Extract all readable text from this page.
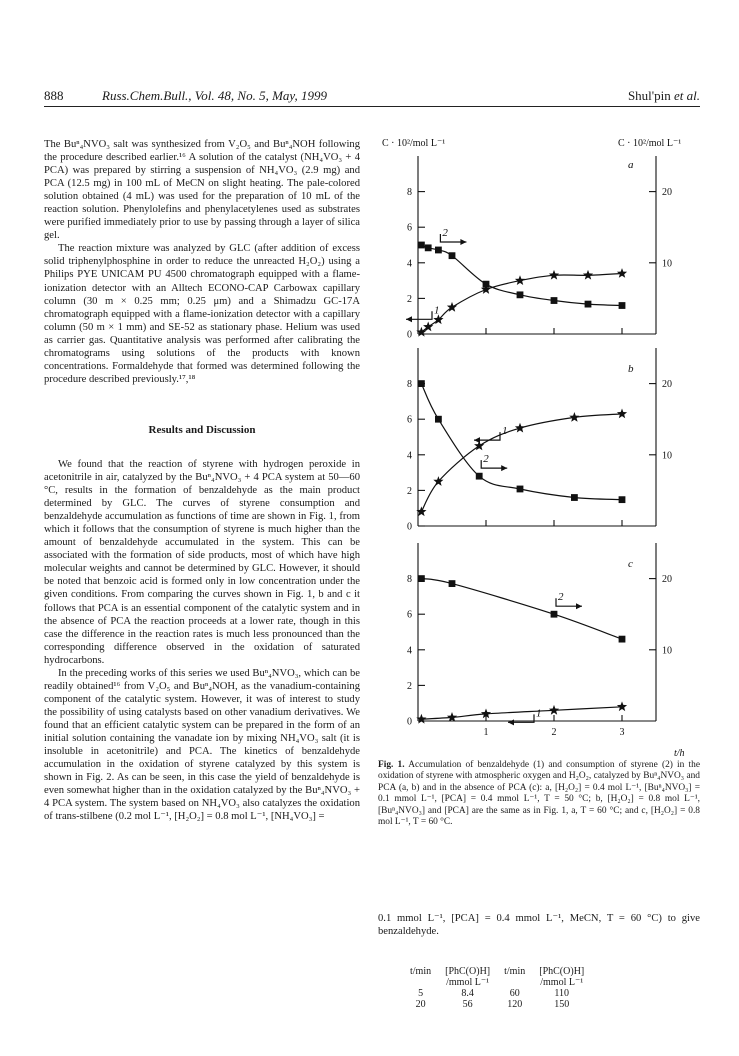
888	Russ.Chem.Bull., Vol. 48, No. 5, May, 1999	Shul'pin et al.

The Buⁿ₄NVO₃ salt was synthesized from V₂O₅ and Buⁿ₄NOH following the procedure described earlier.¹⁶ A solution of the catalyst (NH₄VO₃ + 4 PCA) was prepared by stirring a suspension of NH₄VO₃ (2.9 mg) and PCA (12.5 mg) in 100 mL of MeCN on slight heating. The pale-colored solution obtained (4 mL) was used for the preparation of 10 mL of the reaction solution. Phenylolefins and phenylacetylenes used as substrates were purified immediately prior to use by passing through a layer of silica gel.

The reaction mixture was analyzed by GLC (after addition of excess solid triphenylphosphine in order to reduce the unreacted H₂O₂) using a Philips PYE UNICAM PU 4500 chromatograph equipped with a flame-ionization detector with an Alltech ECONO-CAP Carbowax capillary column (30 m × 0.25 mm; 0.25 μm) and a Shimadzu GC-17A chromatograph equipped with a flame-ionization detector with a capillary column (50 m × 1 mm) and SE-52 as stationary phase. Helium was used as carrier gas. Quantitative analysis was performed after calibrating the chromatograms using solutions of the products with known concentrations. Formaldehyde that formed was determined following the procedure described previously.¹⁷,¹⁸

Results and Discussion

We found that the reaction of styrene with hydrogen peroxide in acetonitrile in air, catalyzed by the Buⁿ₄NVO₃ + 4 PCA system at 50—60 °C, results in the formation of benzaldehyde as the main product determined by GLC. The curves of styrene consumption and benzaldehyde accumulation as functions of time are shown in Fig. 1, from which it follows that the consumption of styrene is much higher than the amount of benzaldehyde accumulated in the system. This can be associated with the formation of side products, most of which have high molecular weights and cannot be determined by GLC. However, it should be noted that benzoic acid is formed only in low concentration under the given conditions. From comparing the curves shown in Fig. 1, b and c it follows that PCA is an essential component of the catalytic system and in the absence of PCA the reaction proceeds at a lower rate, though in this case the difference in the reaction rates is much less pronounced than the corresponding difference observed in the oxidation of saturated hydrocarbons.

In the preceding works of this series we used Buⁿ₄NVO₃, which can be readily obtained¹⁶ from V₂O₅ and Buⁿ₄NOH, as the vanadium-containing component of the catalytic system. However, it was of interest to study the possibility of using catalysts based on other vanadium derivatives. We found that an efficient catalytic system can be prepared in the form of an initial solution containing the vanadate ion by mixing NH₄VO₃ salt (it is insoluble in acetonitrile) and PCA. The kinetics of benzaldehyde accumulation in the oxidation of styrene catalyzed by this system is shown in Fig. 2. As can be seen, in this case the yield of benzaldehyde is even somewhat higher than in the oxidation catalyzed by the Buⁿ₄NVO₃ + 4 PCA system. The system based on NH₄VO₃ also catalyzes the oxidation of trans-stilbene (0.2 mol L⁻¹, [H₂O₂] = 0.8 mol L⁻¹, [NH₄VO₃] =

C · 10²/mol L⁻¹	C · 10²/mol L⁻¹
0
2
4
6
8
10
20
a
1
2
0
2
4
6
8
10
20
b
1
2
0
2
4
6
8
10
20
1	2	3
c
1
2
t/h
Fig. 1. Accumulation of benzaldehyde (1) and consumption of styrene (2) in the oxidation of styrene with atmospheric oxygen and H₂O₂, catalyzed by Buⁿ₄NVO₃ and PCA (a, b) and in the absence of PCA (c): a, [H₂O₂] = 0.4 mol L⁻¹, [Buⁿ₄NVO₃] = 0.1 mmol L⁻¹, [PCA] = 0.4 mmol L⁻¹, T = 50 °C; b, [H₂O₂] = 0.8 mol L⁻¹, [Buⁿ₄NVO₃] and [PCA] are the same as in Fig. 1, a, T = 60 °C; and c, [H₂O₂] = 0.8 mol L⁻¹, T = 60 °C.
0.1 mmol L⁻¹, [PCA] = 0.4 mmol L⁻¹, MeCN, T = 60 °C) to give benzaldehyde.
t/min	[PhC(O)H]	t/min	[PhC(O)H]
	/mmol L⁻¹		/mmol L⁻¹
5	8.4	60	110
20	56	120	150
